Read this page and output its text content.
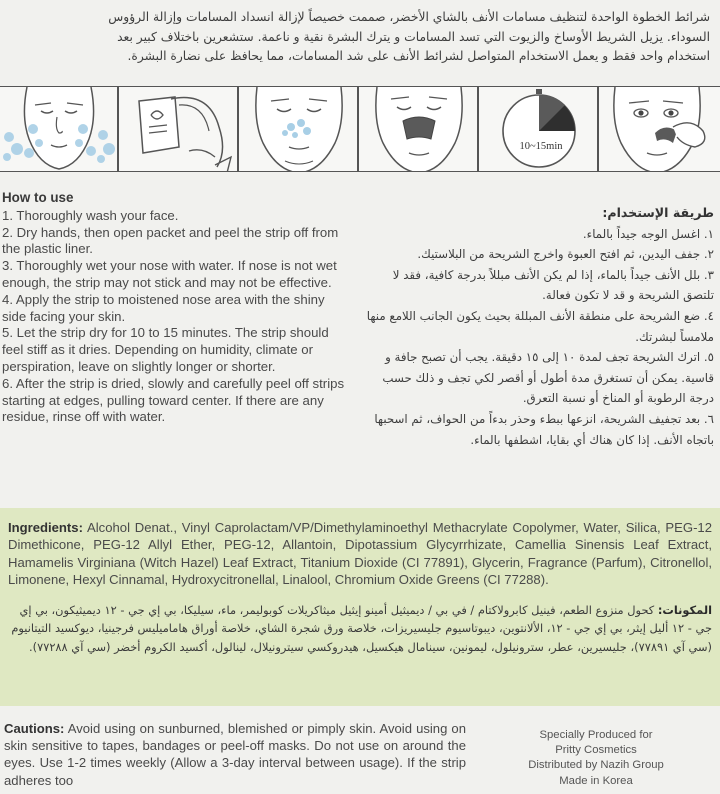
شرائط الخطوة الواحدة لتنظيف مسامات الأنف بالشاي الأخضر، صممت خصيصاً لإزالة انسداد المسامات وإزالة الرؤوس
السوداء. يزيل الشريط الأوساخ والزيوت التي تسد المسامات و يترك البشرة نقية و ناعمة. ستشعرين باختلاف كبير بعد
استخدام واحد فقط و يعمل الاستخدام المتواصل لشرائط الأنف على شد المسامات، مما يحافظ على نضارة البشرة.
10~15min
How to use
1. Thoroughly wash your face.
2. Dry hands, then open packet and peel the strip off from the plastic liner.
3. Thoroughly wet your nose with water. If nose is not wet enough, the strip may not stick and may not be effective.
4. Apply the strip to moistened nose area with the shiny side facing your skin.
5. Let the strip dry for 10 to 15 minutes. The strip should feel stiff as it dries. Depending on humidity, climate or perspiration, leave on slightly longer or shorter.
6. After the strip is dried, slowly and carefully peel off strips starting at edges, pulling toward center. If there are any residue, rinse off with water.
طريقة الإستخدام:
١. اغسل الوجه جيداً بالماء.
٢. جفف اليدين، ثم افتح العبوة واخرج الشريحة من البلاستيك.
٣. بلل الأنف جيداً بالماء، إذا لم يكن الأنف مبللاً بدرجة كافية، فقد لا تلتصق الشريحة و قد لا تكون فعالة.
٤. ضع الشريحة على منطقة الأنف المبللة بحيث يكون الجانب اللامع منها ملامساً لبشرتك.
٥. اترك الشريحة تجف لمدة ١٠ إلى ١٥ دقيقة. يجب أن تصبح جافة و قاسية. يمكن أن تستغرق مدة أطول أو أقصر لكي تجف و ذلك حسب درجة الرطوبة أو المناخ أو نسبة التعرق.
٦. بعد تجفيف الشريحة، انزعها ببطء وحذر بدءاً من الحواف، ثم اسحبها باتجاه الأنف. إذا كان هناك أي بقايا، اشطفها بالماء.

Ingredients: Alcohol Denat., Vinyl Caprolactam/VP/Dimethylaminoethyl Methacrylate Copolymer, Water, Silica, PEG-12 Dimethicone, PEG-12 Allyl Ether, PEG-12, Allantoin, Dipotassium Glycyrrhizate, Camellia Sinensis Leaf Extract, Hamamelis Virginiana (Witch Hazel) Leaf Extract, Titanium Dioxide (CI 77891), Glycerin, Fragrance (Parfum), Citronellol, Limonene, Hexyl Cinnamal, Hydroxycitronellal, Linalool, Chromium Oxide Greens (CI 77288).

المكونات: كحول منزوع الطعم، فينيل كابرولاكتام / في بي / ديميثيل أمينو إيثيل ميثاكريلات كوبوليمر، ماء، سيليكا، بي إي جي - ١٢ ديميثيكون، بي إي جي - ١٢ أليل إيثر، بي إي جي - ١٢، الألانتوين، ديبوتاسيوم جليسيريزات، خلاصة ورق شجرة الشاي، خلاصة أوراق هاماميليس فرجينيا، ديوكسيد التيتانيوم (سي آي ٧٧٨٩١)، جليسيرين، عطر، سترونيلول، ليمونين، سينامال هيكسيل، هيدروكسي سيترونيلال، لينالول، أكسيد الكروم أخضر (سي آي ٧٧٢٨٨).

Cautions: Avoid using on sunburned, blemished or pimply skin. Avoid using on skin sensitive to tapes, bandages or peel-off masks. Do not use on around the eyes. Use 1-2 times weekly (Allow a 3-day interval between usage). If the strip adheres too

Specially Produced for
Pritty Cosmetics
Distributed by Nazih Group
Made in Korea
